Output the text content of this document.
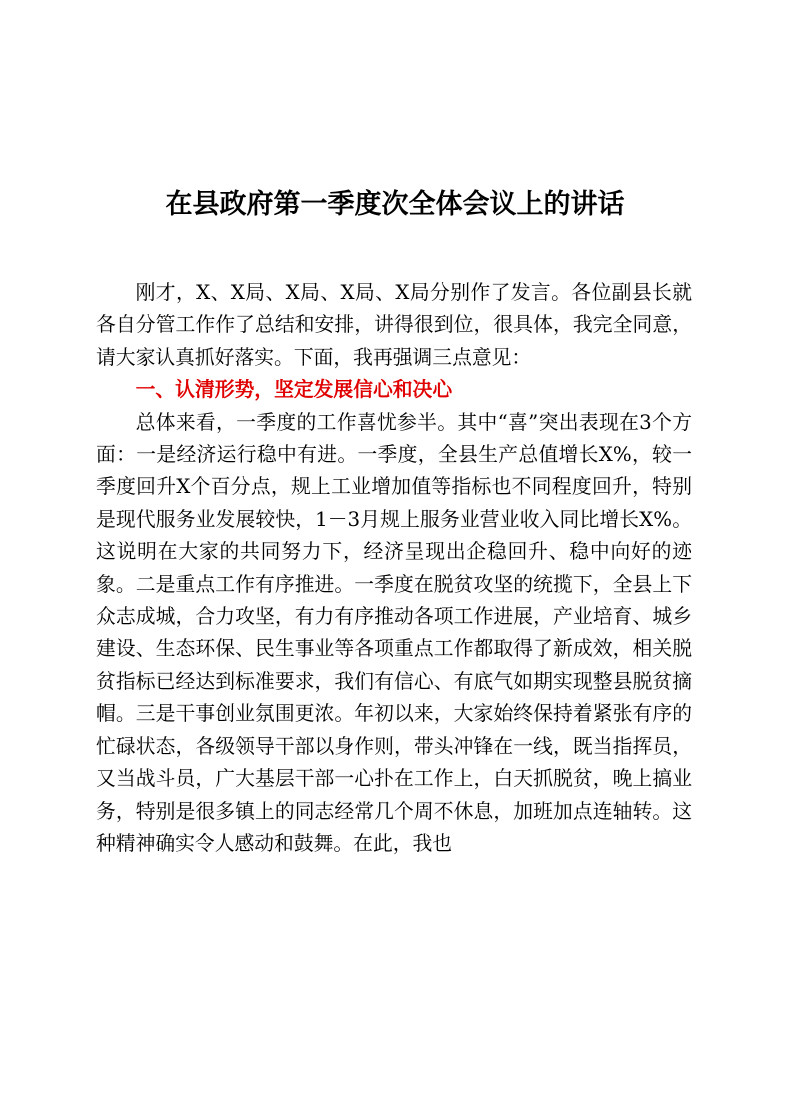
在县政府第一季度次全体会议上的讲话

刚才，X、X局、X局、X局、X局分别作了发言。各位副县长就各自分管工作作了总结和安排，讲得很到位，很具体，我完全同意，请大家认真抓好落实。下面，我再强调三点意见：

一、认清形势，坚定发展信心和决心

总体来看，一季度的工作喜忧参半。其中“喜”突出表现在3个方面：一是经济运行稳中有进。一季度，全县生产总值增长X%，较一季度回升X个百分点，规上工业增加值等指标也不同程度回升，特别是现代服务业发展较快，1－3月规上服务业营业收入同比增长X%。这说明在大家的共同努力下，经济呈现出企稳回升、稳中向好的迹象。二是重点工作有序推进。一季度在脱贫攻坚的统揽下，全县上下众志成城，合力攻坚，有力有序推动各项工作进展，产业培育、城乡建设、生态环保、民生事业等各项重点工作都取得了新成效，相关脱贫指标已经达到标准要求，我们有信心、有底气如期实现整县脱贫摘帽。三是干事创业氛围更浓。年初以来，大家始终保持着紧张有序的忙碌状态，各级领导干部以身作则，带头冲锋在一线，既当指挥员，又当战斗员，广大基层干部一心扑在工作上，白天抓脱贫，晚上搞业务，特别是很多镇上的同志经常几个周不休息，加班加点连轴转。这种精神确实令人感动和鼓舞。在此，我也
